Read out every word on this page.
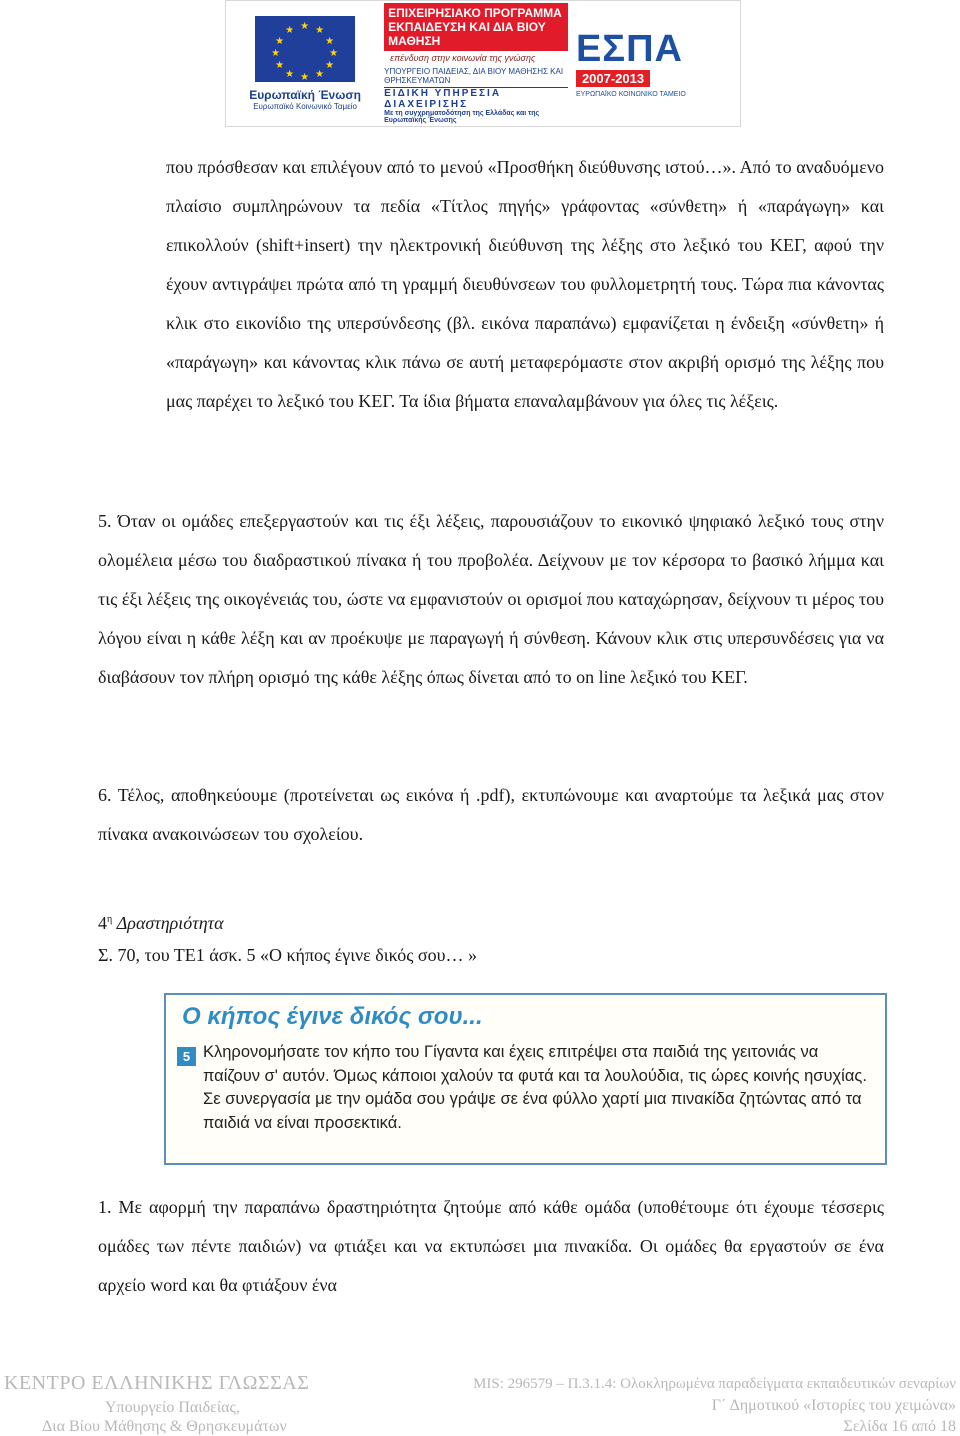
★ ★
★
★
★
★
★
★
★
★
★
★
Ευρωπαϊκή Ένωση
Ευρωπαϊκό Κοινωνικό Ταμείο
ΕΠΙΧΕΙΡΗΣΙΑΚΟ ΠΡΟΓΡΑΜΜΑ
ΕΚΠΑΙΔΕΥΣΗ ΚΑΙ ΔΙΑ ΒΙΟΥ ΜΑΘΗΣΗ
επένδυση στην κοινωνία της γνώσης
ΥΠΟΥΡΓΕΙΟ ΠΑΙΔΕΙΑΣ, ΔΙΑ ΒΙΟΥ ΜΑΘΗΣΗΣ ΚΑΙ ΘΡΗΣΚΕΥΜΑΤΩΝ
ΕΙΔΙΚΗ ΥΠΗΡΕΣΙΑ ΔΙΑΧΕΙΡΙΣΗΣ
Με τη συγχρηματοδότηση της Ελλάδας και της Ευρωπαϊκής Ένωσης
ΕΣΠΑ
2007-2013
ΕΥΡΩΠΑΪΚΟ ΚΟΙΝΩΝΙΚΟ ΤΑΜΕΙΟ

που πρόσθεσαν και επιλέγουν από το μενού «Προσθήκη διεύθυνσης ιστού…». Από το αναδυόμενο πλαίσιο συμπληρώνουν τα πεδία «Τίτλος πηγής» γράφοντας «σύνθετη» ή «παράγωγη» και επικολλούν (shift+insert) την ηλεκτρονική διεύθυνση της λέξης στο λεξικό του ΚΕΓ, αφού την έχουν αντιγράψει πρώτα από τη γραμμή διευθύνσεων του φυλλομετρητή τους. Τώρα πια κάνοντας κλικ στο εικονίδιο της υπερσύνδεσης (βλ. εικόνα παραπάνω) εμφανίζεται η ένδειξη «σύνθετη» ή «παράγωγη» και κάνοντας κλικ πάνω σε αυτή μεταφερόμαστε στον ακριβή ορισμό της λέξης που μας παρέχει το λεξικό του ΚΕΓ. Τα ίδια βήματα επαναλαμβάνουν για όλες τις λέξεις.

5. Όταν οι ομάδες επεξεργαστούν και τις έξι λέξεις, παρουσιάζουν το εικονικό ψηφιακό λεξικό τους στην ολομέλεια μέσω του διαδραστικού πίνακα ή του προβολέα. Δείχνουν με τον κέρσορα το βασικό λήμμα και τις έξι λέξεις της οικογένειάς του, ώστε να εμφανιστούν οι ορισμοί που καταχώρησαν, δείχνουν τι μέρος του λόγου είναι η κάθε λέξη και αν προέκυψε με παραγωγή ή σύνθεση. Κάνουν κλικ στις υπερσυνδέσεις για να διαβάσουν τον πλήρη ορισμό της κάθε λέξης όπως δίνεται από το on line λεξικό του ΚΕΓ.

6. Τέλος, αποθηκεύουμε (προτείνεται ως εικόνα ή .pdf), εκτυπώνουμε και αναρτούμε τα λεξικά μας στον πίνακα ανακοινώσεων του σχολείου.

$4^\eta$ Δραστηριότητα

Σ. 70, του ΤΕ1 άσκ. 5 «Ο κήπος έγινε δικός σου… »

Ο κήπος έγινε δικός σου...
5 Κληρονομήσατε τον κήπο του Γίγαντα και έχεις επιτρέψει στα παιδιά της γειτονιάς να παίζουν σ' αυτόν. Όμως κάποιοι χαλούν τα φυτά και τα λουλούδια, τις ώρες κοινής ησυχίας. Σε συνεργασία με την ομάδα σου γράψε σε ένα φύλλο χαρτί μια πινακίδα ζητώντας από τα παιδιά να είναι προσεκτικά.

1. Με αφορμή την παραπάνω δραστηριότητα ζητούμε από κάθε ομάδα (υποθέτουμε ότι έχουμε τέσσερις ομάδες των πέντε παιδιών) να φτιάξει και να εκτυπώσει μια πινακίδα. Οι ομάδες θα εργαστούν σε ένα αρχείο word και θα φτιάξουν ένα

ΚΕΝΤΡΟ ΕΛΛΗΝΙΚΗΣ ΓΛΩΣΣΑΣ
Υπουργείο Παιδείας,
Δια Βίου Μάθησης & Θρησκευμάτων
MIS: 296579 – Π.3.1.4: Ολοκληρωμένα παραδείγματα εκπαιδευτικών σεναρίων
Γ΄ Δημοτικού «Ιστορίες του χειμώνα»
Σελίδα 16 από 18
